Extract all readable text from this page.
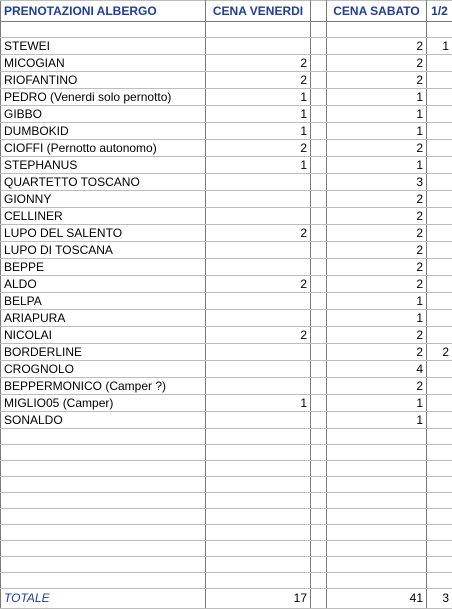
PRENOTAZIONI ALBERGO	CENA VENERDI		CENA SABATO	1/2

STEWEI			2	1
MICOGIAN	2		2	
RIOFANTINO	2		2	
PEDRO (Venerdi solo pernotto)	1		1	
GIBBO	1		1	
DUMBOKID	1		1	
CIOFFI (Pernotto autonomo)	2		2	
STEPHANUS	1		1	
QUARTETTO TOSCANO			3	
GIONNY			2	
CELLINER			2	
LUPO DEL SALENTO	2		2	
LUPO DI TOSCANA			2	
BEPPE			2	
ALDO	2		2	
BELPA			1	
ARIAPURA			1	
NICOLAI	2		2	
BORDERLINE			2	2
CROGNOLO			4	
BEPPERMONICO (Camper ?)			2	
MIGLIO05 (Camper)	1		1	
SONALDO			1	

TOTALE	17		41	3
